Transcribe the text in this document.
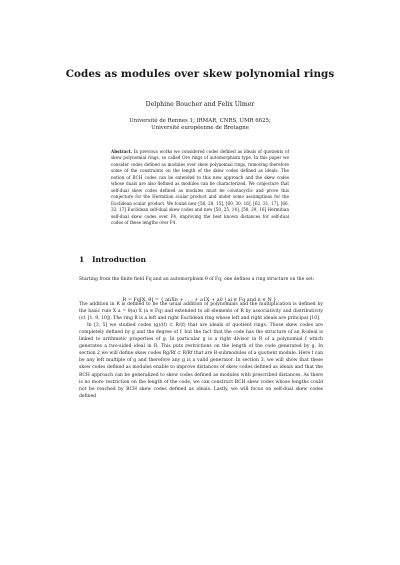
Codes as modules over skew polynomial rings
Delphine Boucher and Felix Ulmer
Université de Rennes 1; IRMAR, CNRS, UMR 6625;
Université européenne de Bretagne
Abstract. In previous works we considered codes defined as ideals of quotients of skew polynomial rings, so called Ore rings of automorphism type. In this paper we consider codes defined as modules over skew polynomial rings, removing therefore some of the constraints on the length of the skew codes defined as ideals. The notion of BCH codes can be extended to this new approach and the skew codes whose duals are also defined as modules can be characterized. We conjecture that self-dual skew codes defined as modules must be constacyclic and prove this conjecture for the Hermitian scalar product and under some assumptions for the Euclidean scalar product. We found new [56, 28, 15], [60, 30, 16], [62, 31, 17], [66, 33, 17] Euclidean self-dual skew codes and new [50, 25, 14], [58, 29, 16] Hermitian self-dual skew codes over F4, improving the best known distances for self-dual codes of these lengths over F4.
1 Introduction

Starting from the finite field Fq and an automorphism θ of Fq, one defines a ring structure on the set:

The addition in R is defined to be the usual addition of polynomials and the multiplication is defined by the basic rule X a = θ(a) X (a ∈ Fq) and extended to all elements of R by associativity and distributivity (cf. [1, 9, 10]). The ring R is a left and right Euclidean ring whose left and right ideals are principal [10].

In [3, 5] we studied codes (g)/(f) ⊂ R/(f) that are ideals of quotient rings. Those skew codes are completely defined by g and the degree of f, but the fact that the code has the structure of an R-ideal is linked to arithmetic properties of g. In particular g is a right divisor in R of a polynomial f which generates a two-sided ideal in R. This puts restrictions on the length of the code generated by g. In section 2 we will define skew codes Rg/Rf ⊂ R/Rf that are R-submodules of a quotient module. Here f can be any left multiple of g and therefore any g is a valid generator. In section 3, we will show that these skew codes defined as modules enable to improve distances of skew codes defined as ideals and that the BCH approach can be generalized to skew codes defined as modules with prescribed distances. As there is no more restriction on the length of the code, we can construct BCH skew codes whose lengths could not be reached by BCH skew codes defined as ideals. Lastly, we will focus on self-dual skew codes defined

R = Fq[X, θ] = { anXn + . . . + a1X + a0 | ai ∈ Fq and n ∈ N } .
